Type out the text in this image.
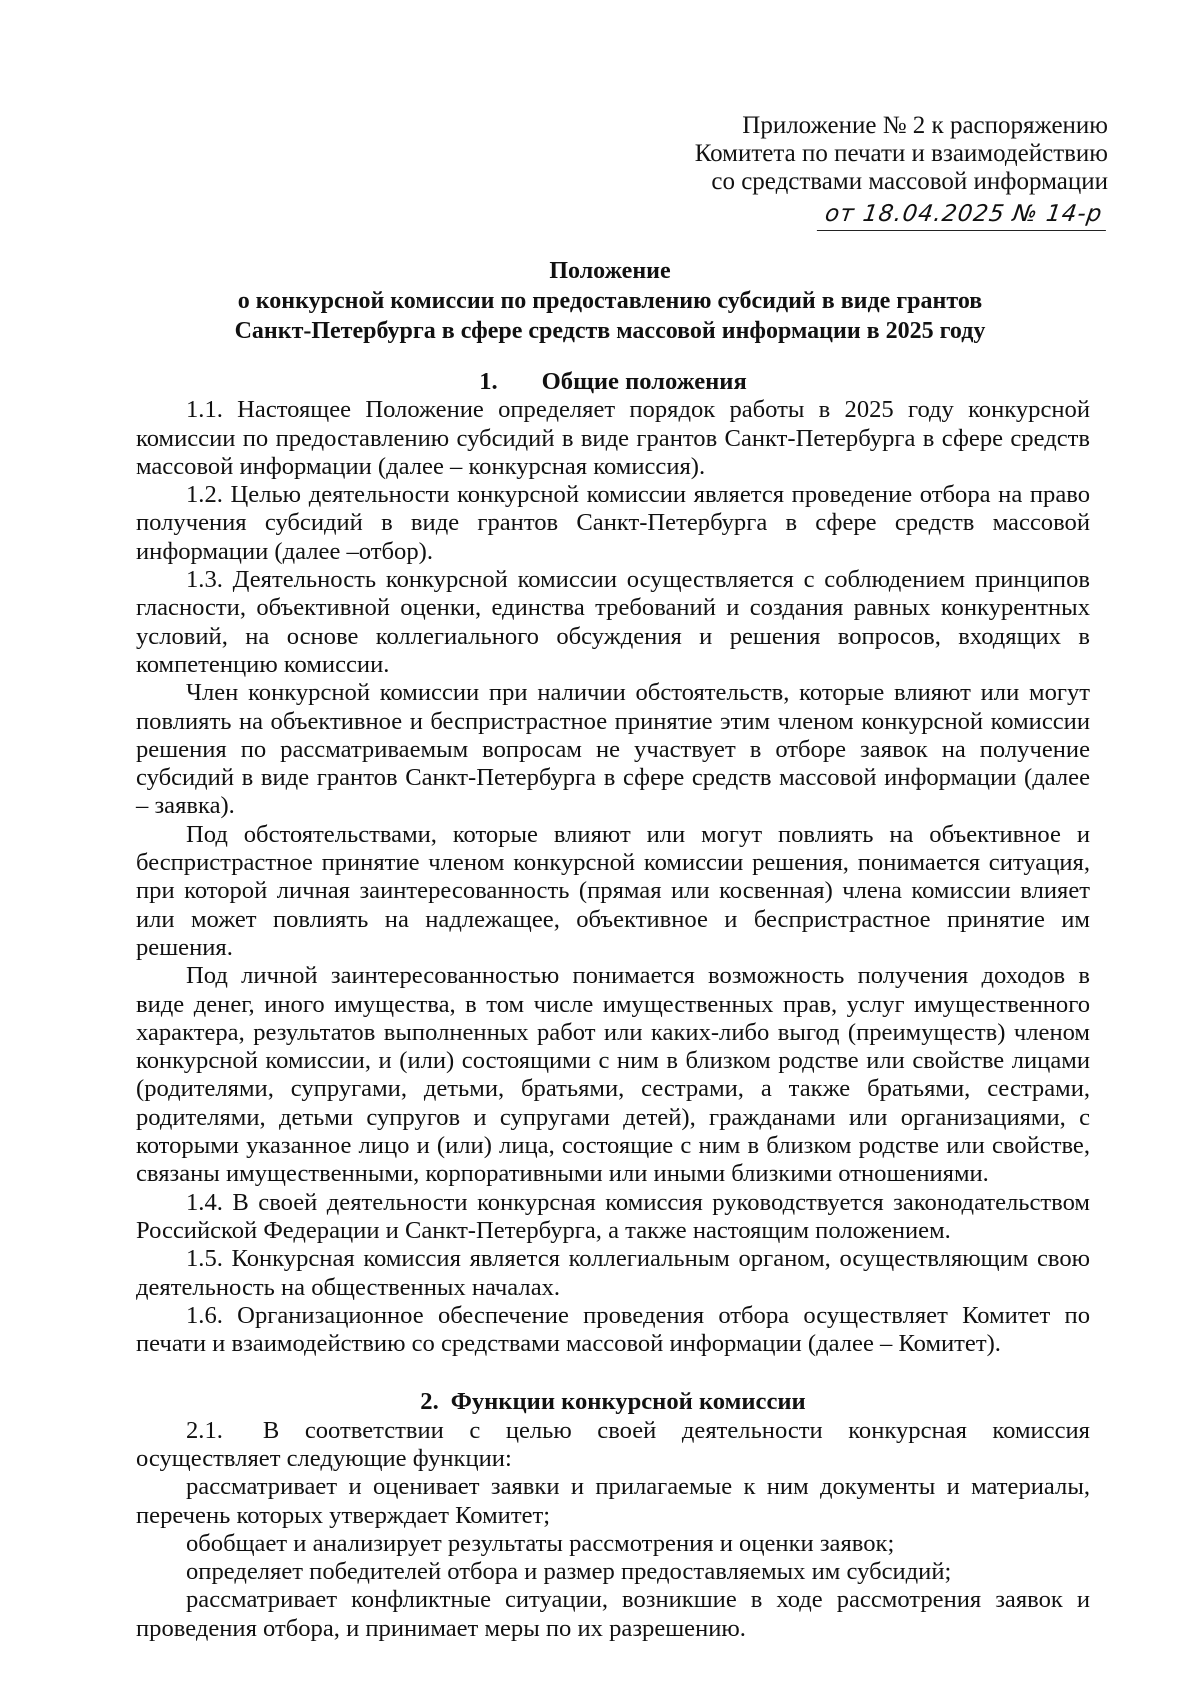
Приложение № 2 к распоряжению
Комитета по печати и взаимодействию
со средствами массовой информации
от 18.04.2025 № 14-р
Положение
о конкурсной комиссии по предоставлению субсидий в виде грантов
Санкт-Петербурга в сфере средств массовой информации в 2025 году

1. Общие положения

1.1. Настоящее Положение определяет порядок работы в 2025 году конкурсной комиссии по предоставлению субсидий в виде грантов Санкт-Петербурга в сфере средств массовой информации (далее – конкурсная комиссия).

1.2. Целью деятельности конкурсной комиссии является проведение отбора на право получения субсидий в виде грантов Санкт-Петербурга в сфере средств массовой информации (далее –отбор).

1.3. Деятельность конкурсной комиссии осуществляется с соблюдением принципов гласности, объективной оценки, единства требований и создания равных конкурентных условий, на основе коллегиального обсуждения и решения вопросов, входящих в компетенцию комиссии.

Член конкурсной комиссии при наличии обстоятельств, которые влияют или могут повлиять на объективное и беспристрастное принятие этим членом конкурсной комиссии решения по рассматриваемым вопросам не участвует в отборе заявок на получение субсидий в виде грантов Санкт-Петербурга в сфере средств массовой информации (далее – заявка).

Под обстоятельствами, которые влияют или могут повлиять на объективное и беспристрастное принятие членом конкурсной комиссии решения, понимается ситуация, при которой личная заинтересованность (прямая или косвенная) члена комиссии влияет или может повлиять на надлежащее, объективное и беспристрастное принятие им решения.

Под личной заинтересованностью понимается возможность получения доходов в виде денег, иного имущества, в том числе имущественных прав, услуг имущественного характера, результатов выполненных работ или каких-либо выгод (преимуществ) членом конкурсной комиссии, и (или) состоящими с ним в близком родстве или свойстве лицами (родителями, супругами, детьми, братьями, сестрами, а также братьями, сестрами, родителями, детьми супругов и супругами детей), гражданами или организациями, с которыми указанное лицо и (или) лица, состоящие с ним в близком родстве или свойстве, связаны имущественными, корпоративными или иными близкими отношениями.

1.4. В своей деятельности конкурсная комиссия руководствуется законодательством Российской Федерации и Санкт-Петербурга, а также настоящим положением.

1.5. Конкурсная комиссия является коллегиальным органом, осуществляющим свою деятельность на общественных началах.

1.6. Организационное обеспечение проведения отбора осуществляет Комитет по печати и взаимодействию со средствами массовой информации (далее – Комитет).

2. Функции конкурсной комиссии

2.1. В соответствии с целью своей деятельности конкурсная комиссия осуществляет следующие функции:

рассматривает и оценивает заявки и прилагаемые к ним документы и материалы, перечень которых утверждает Комитет;

обобщает и анализирует результаты рассмотрения и оценки заявок;

определяет победителей отбора и размер предоставляемых им субсидий;

рассматривает конфликтные ситуации, возникшие в ходе рассмотрения заявок и проведения отбора, и принимает меры по их разрешению.
